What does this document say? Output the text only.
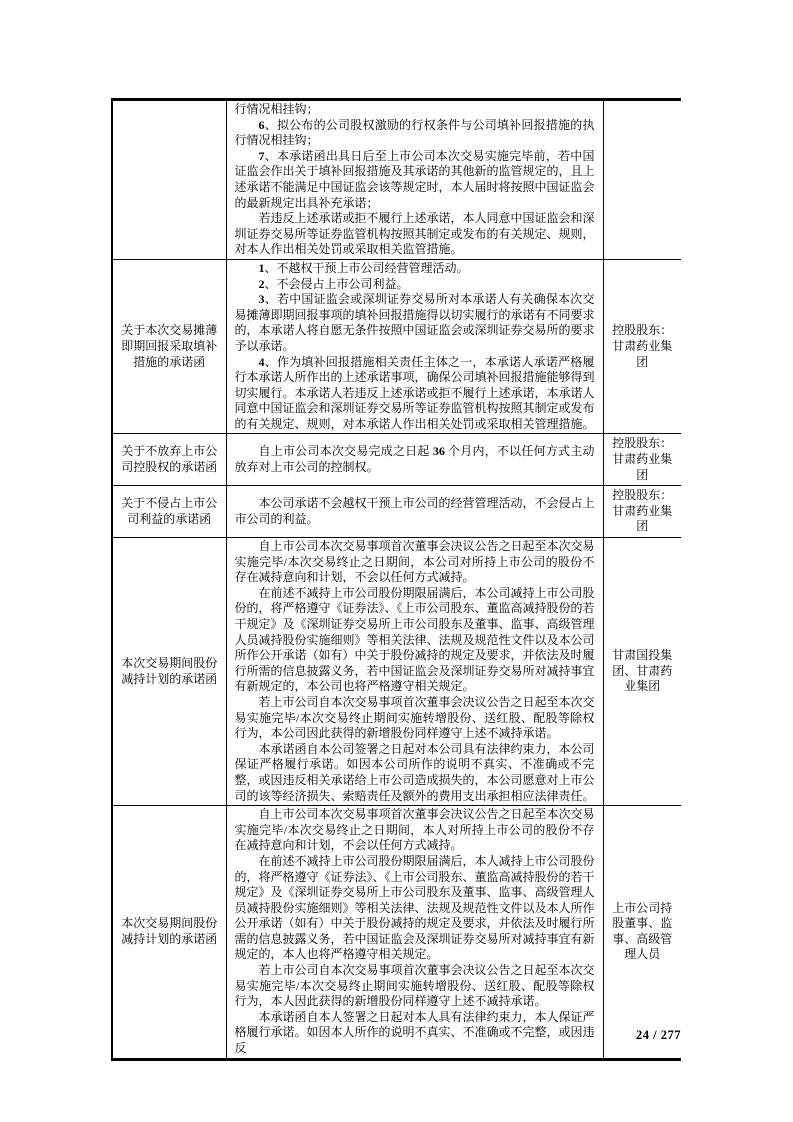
	行情况相挂钩；

6、拟公布的公司股权激励的行权条件与公司填补回报措施的执行情况相挂钩；

7、本承诺函出具日后至上市公司本次交易实施完毕前，若中国证监会作出关于填补回报措施及其承诺的其他新的监管规定的，且上述承诺不能满足中国证监会该等规定时，本人届时将按照中国证监会的最新规定出具补充承诺；

若违反上述承诺或拒不履行上述承诺，本人同意中国证监会和深圳证券交易所等证券监管机构按照其制定或发布的有关规定、规则，对本人作出相关处罚或采取相关监管措施。	

关于本次交易摊薄即期回报采取填补措施的承诺函	1、不越权干预上市公司经营管理活动。

2、不会侵占上市公司利益。

3、若中国证监会或深圳证券交易所对本承诺人有关确保本次交易摊薄即期回报事项的填补回报措施得以切实履行的承诺有不同要求的，本承诺人将自愿无条件按照中国证监会或深圳证券交易所的要求予以承诺。

4、作为填补回报措施相关责任主体之一，本承诺人承诺严格履行本承诺人所作出的上述承诺事项，确保公司填补回报措施能够得到切实履行。本承诺人若违反上述承诺或拒不履行上述承诺，本承诺人同意中国证监会和深圳证券交易所等证券监管机构按照其制定或发布的有关规定、规则，对本承诺人作出相关处罚或采取相关管理措施。	控股股东：甘肃药业集团

关于不放弃上市公司控股权的承诺函	自上市公司本次交易完成之日起 36 个月内，不以任何方式主动放弃对上市公司的控制权。	控股股东：甘肃药业集团

关于不侵占上市公司利益的承诺函	本公司承诺不会越权干预上市公司的经营管理活动，不会侵占上市公司的利益。	控股股东：甘肃药业集团

本次交易期间股份减持计划的承诺函	自上市公司本次交易事项首次董事会决议公告之日起至本次交易实施完毕/本次交易终止之日期间，本公司对所持上市公司的股份不存在减持意向和计划，不会以任何方式减持。

在前述不减持上市公司股份期限届满后，本公司减持上市公司股份的，将严格遵守《证券法》、《上市公司股东、董监高减持股份的若干规定》及《深圳证券交易所上市公司股东及董事、监事、高级管理人员减持股份实施细则》等相关法律、法规及规范性文件以及本公司所作公开承诺（如有）中关于股份减持的规定及要求，并依法及时履行所需的信息披露义务，若中国证监会及深圳证券交易所对减持事宜有新规定的，本公司也将严格遵守相关规定。

若上市公司自本次交易事项首次董事会决议公告之日起至本次交易实施完毕/本次交易终止期间实施转增股份、送红股、配股等除权行为，本公司因此获得的新增股份同样遵守上述不减持承诺。

本承诺函自本公司签署之日起对本公司具有法律约束力，本公司保证严格履行承诺。如因本公司所作的说明不真实、不准确或不完整，或因违反相关承诺给上市公司造成损失的，本公司愿意对上市公司的该等经济损失、索赔责任及额外的费用支出承担相应法律责任。	甘肃国投集团、甘肃药业集团

本次交易期间股份减持计划的承诺函	自上市公司本次交易事项首次董事会决议公告之日起至本次交易实施完毕/本次交易终止之日期间，本人对所持上市公司的股份不存在减持意向和计划，不会以任何方式减持。

在前述不减持上市公司股份期限届满后，本人减持上市公司股份的，将严格遵守《证券法》、《上市公司股东、董监高减持股份的若干规定》及《深圳证券交易所上市公司股东及董事、监事、高级管理人员减持股份实施细则》等相关法律、法规及规范性文件以及本人所作公开承诺（如有）中关于股份减持的规定及要求，并依法及时履行所需的信息披露义务，若中国证监会及深圳证券交易所对减持事宜有新规定的，本人也将严格遵守相关规定。

若上市公司自本次交易事项首次董事会决议公告之日起至本次交易实施完毕/本次交易终止期间实施转增股份、送红股、配股等除权行为，本人因此获得的新增股份同样遵守上述不减持承诺。

本承诺函自本人签署之日起对本人具有法律约束力，本人保证严格履行承诺。如因本人所作的说明不真实、不准确或不完整，或因违反	上市公司持股董事、监事、高级管理人员
24 / 277
